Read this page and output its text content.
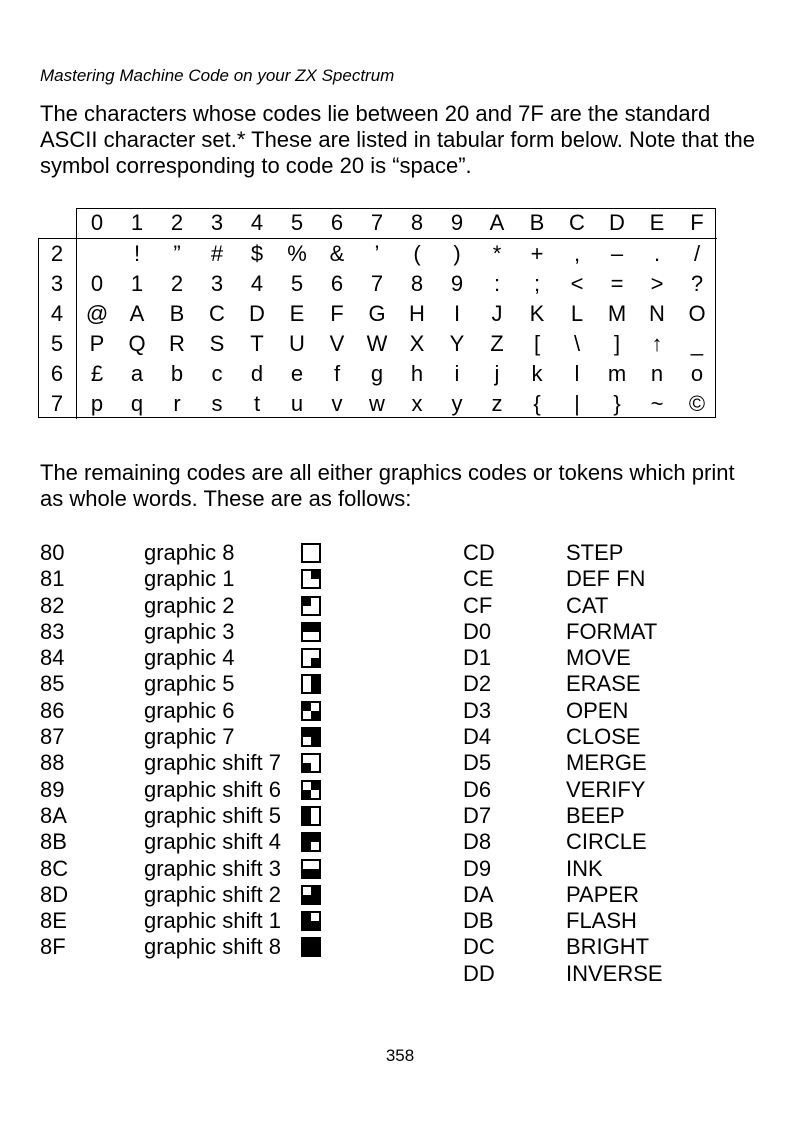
Mastering Machine Code on your ZX Spectrum

The characters whose codes lie between 20 and 7F are the standard ASCII character set.* These are listed in tabular form below. Note that the symbol corresponding to code 20 is “space”.

	0	1	2	3	4	5	6	7	8	9	A	B	C	D	E	F
2		!	”	#	$	%	&	’	(	)	*	+	,	–	.	/
3	0	1	2	3	4	5	6	7	8	9	:	;	<	=	>	?
4	@	A	B	C	D	E	F	G	H	I	J	K	L	M	N	O
5	P	Q	R	S	T	U	V	W	X	Y	Z	[	\	]	↑	_
6	£	a	b	c	d	e	f	g	h	i	j	k	l	m	n	o
7	p	q	r	s	t	u	v	w	x	y	z	{	|	}	~	©

The remaining codes are all either graphics codes or tokens which print as whole words. These are as follows:

80	graphic 8
81	graphic 1
82	graphic 2
83	graphic 3
84	graphic 4
85	graphic 5
86	graphic 6
87	graphic 7
88	graphic shift 7
89	graphic shift 6
8A	graphic shift 5
8B	graphic shift 4
8C	graphic shift 3
8D	graphic shift 2
8E	graphic shift 1
8F	graphic shift 8
CD	STEP
CE	DEF FN
CF	CAT
D0	FORMAT
D1	MOVE
D2	ERASE
D3	OPEN
D4	CLOSE
D5	MERGE
D6	VERIFY
D7	BEEP
D8	CIRCLE
D9	INK
DA	PAPER
DB	FLASH
DC	BRIGHT
DD	INVERSE
358
